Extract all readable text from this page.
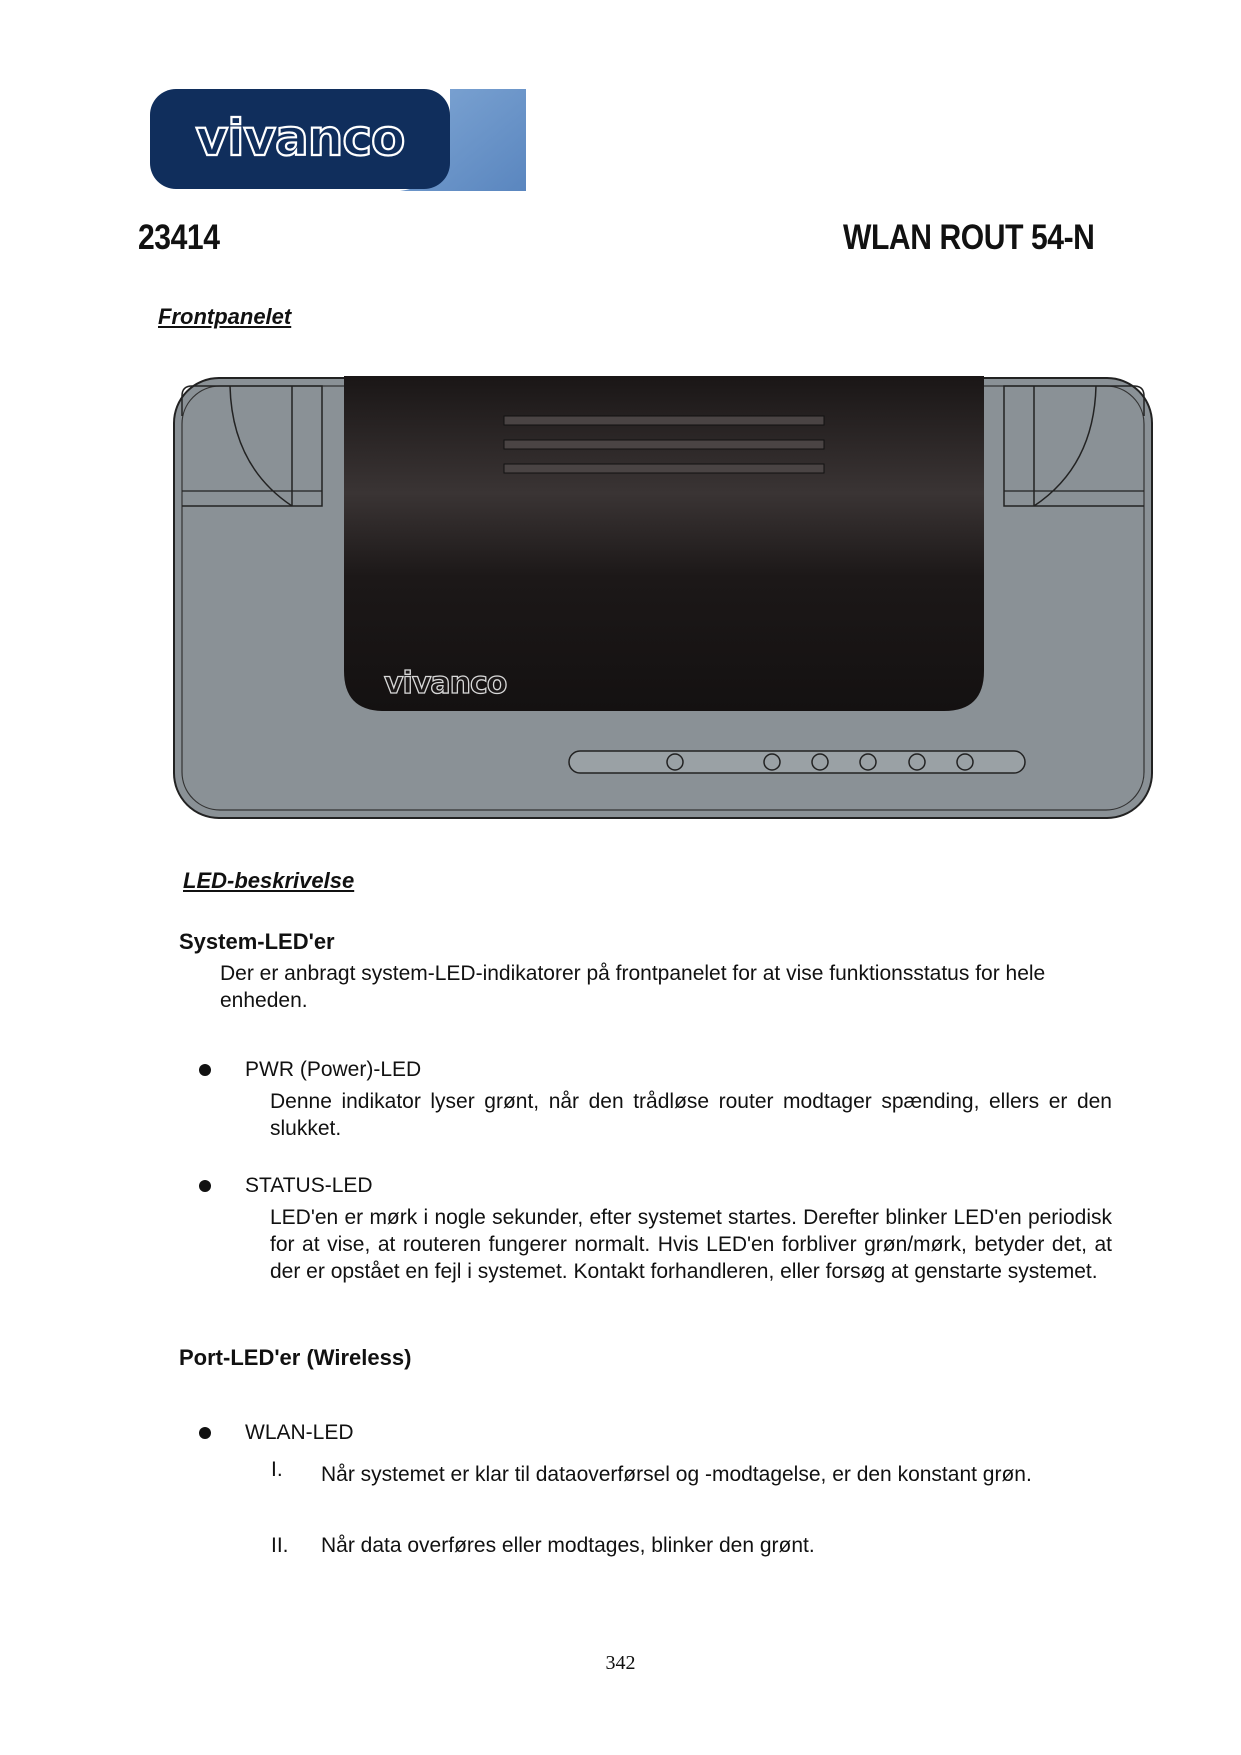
vivanco
23414	WLAN ROUT 54-N
Frontpanelet
vivanco
LED-beskrivelse
System-LED'er
Der er anbragt system-LED-indikatorer på frontpanelet for at vise funktionsstatus for hele enheden.
PWR (Power)-LED
Denne indikator lyser grønt, når den trådløse router modtager spænding, ellers er den slukket.
STATUS-LED
LED'en er mørk i nogle sekunder, efter systemet startes. Derefter blinker LED'en periodisk for at vise, at routeren fungerer normalt. Hvis LED'en forbliver grøn/mørk, betyder det, at der er opstået en fejl i systemet. Kontakt forhandleren, eller forsøg at genstarte systemet.
Port-LED'er (Wireless)
WLAN-LED
I. Når systemet er klar til dataoverførsel og -modtagelse, er den konstant grøn.
II. Når data overføres eller modtages, blinker den grønt.
342
